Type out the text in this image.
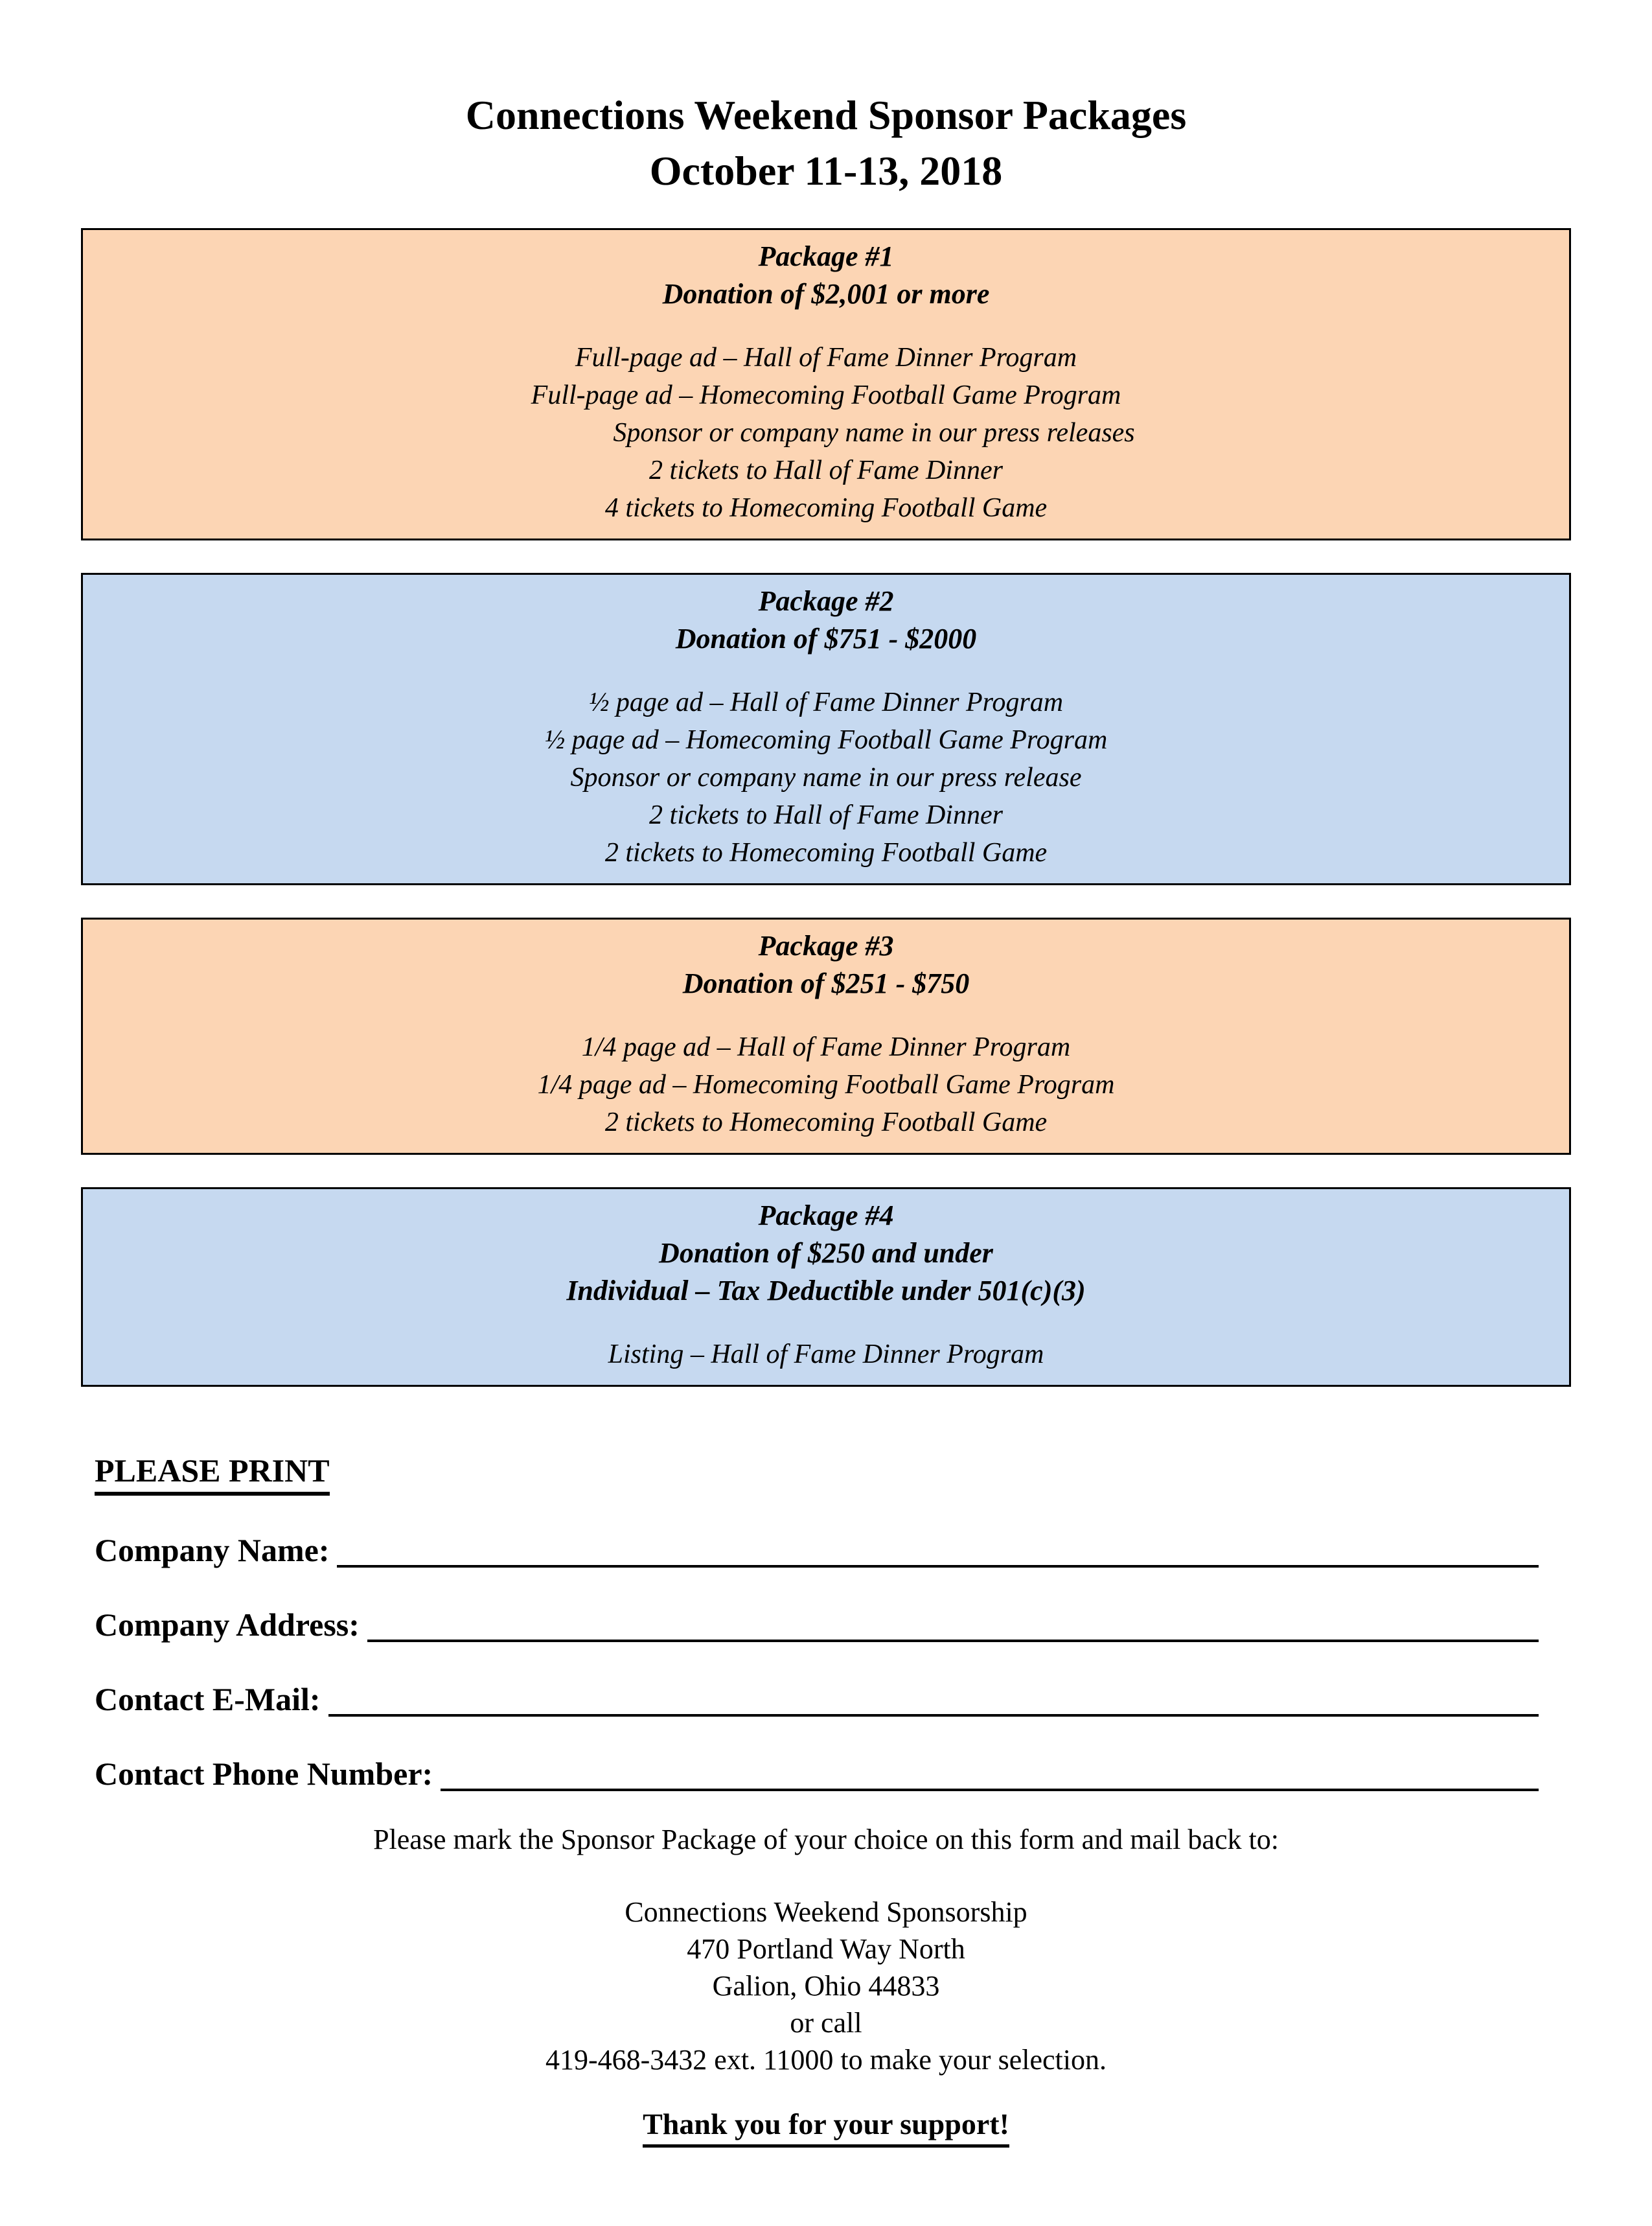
Connections Weekend Sponsor Packages
October 11-13, 2018

Package #1

Donation of $2,001 or more

Full-page ad – Hall of Fame Dinner Program

Full-page ad – Homecoming Football Game Program

Sponsor or company name in our press releases

2 tickets to Hall of Fame Dinner

4 tickets to Homecoming Football Game

Package #2

Donation of $751 - $2000

½ page ad – Hall of Fame Dinner Program

½ page ad – Homecoming Football Game Program

Sponsor or company name in our press release

2 tickets to Hall of Fame Dinner

2 tickets to Homecoming Football Game

Package #3

Donation of $251 - $750

1/4 page ad – Hall of Fame Dinner Program

1/4 page ad – Homecoming Football Game Program

2 tickets to Homecoming Football Game

Package #4

Donation of $250 and under

Individual – Tax Deductible under 501(c)(3)

Listing – Hall of Fame Dinner Program

PLEASE PRINT
Company Name:
Company Address:
Contact E-Mail:
Contact Phone Number:

Please mark the Sponsor Package of your choice on this form and mail back to:

Connections Weekend Sponsorship

470 Portland Way North

Galion, Ohio 44833

or call

419-468-3432 ext. 11000 to make your selection.

Thank you for your support!
